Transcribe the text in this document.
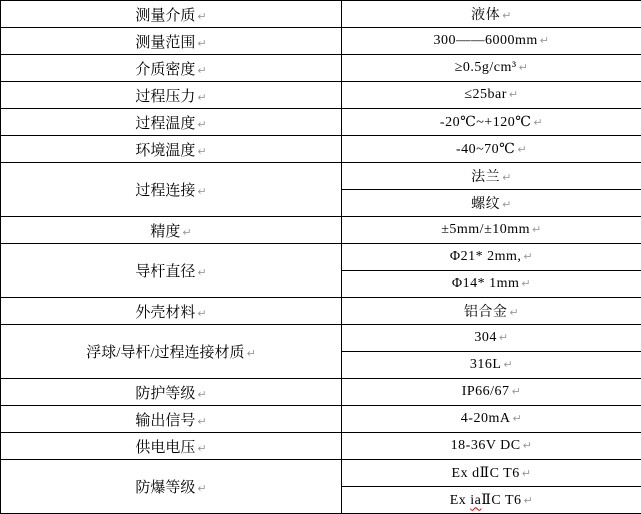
测量介质 ↵	液体 ↵
测量范围 ↵	300——6000mm ↵
介质密度 ↵	≥0.5g/cm³ ↵
过程压力 ↵	≤25bar ↵
过程温度 ↵	-20℃~+120℃ ↵
环境温度 ↵	-40~70℃ ↵
过程连接 ↵	法兰 ↵
	螺纹 ↵
精度 ↵	±5mm/±10mm ↵
导杆直径 ↵	Φ21* 2mm, ↵
	Φ14* 1mm ↵
外壳材料 ↵	铝合金 ↵
浮球/导杆/过程连接材质 ↵	304 ↵
	316L ↵
防护等级 ↵	IP66/67 ↵
输出信号 ↵	4-20mA ↵
供电电压 ↵	18-36V DC ↵
防爆等级 ↵	Ex dⅡC T6 ↵
	Ex iaⅡC T6 ↵
